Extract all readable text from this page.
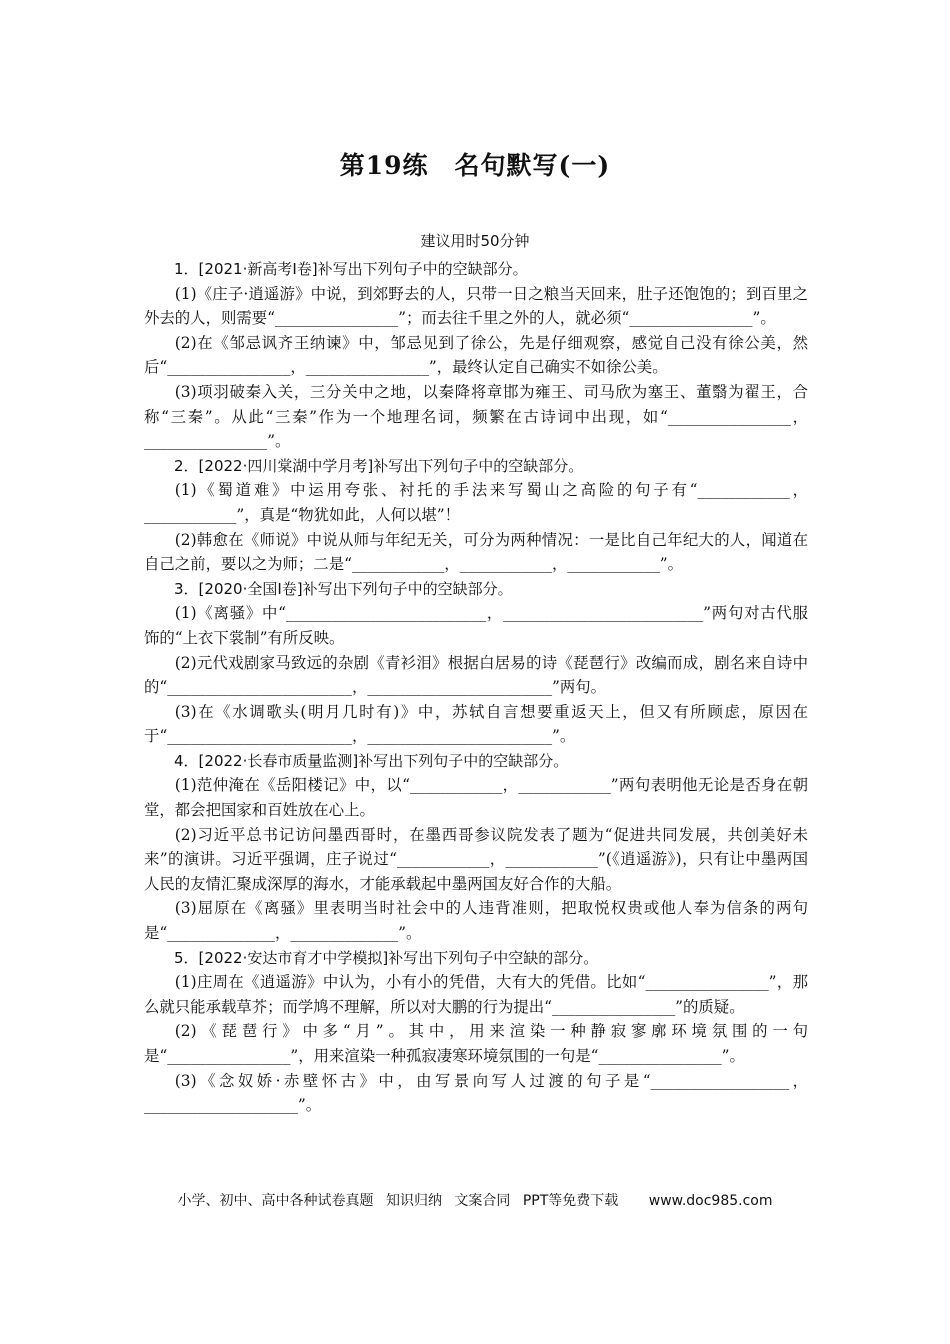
第19练　名句默写(一)
建议用时50分钟

1．[2021·新高考Ⅰ卷]补写出下列句子中的空缺部分。

(1)《庄子·逍遥游》中说，到郊野去的人，只带一日之粮当天回来，肚子还饱饱的；到百里之外去的人，则需要“________________”；而去往千里之外的人，就必须“________________”。

(2)在《邹忌讽齐王纳谏》中，邹忌见到了徐公，先是仔细观察，感觉自己没有徐公美，然后“________________，________________”，最终认定自己确实不如徐公美。

(3)项羽破秦入关，三分关中之地，以秦降将章邯为雍王、司马欣为塞王、董翳为翟王，合称“三秦”。从此“三秦”作为一个地理名词，频繁在古诗词中出现，如“________________，________________”。

2．[2022·四川棠湖中学月考]补写出下列句子中的空缺部分。

(1)《蜀道难》中运用夸张、衬托的手法来写蜀山之高险的句子有“____________，____________”，真是“物犹如此，人何以堪”！

(2)韩愈在《师说》中说从师与年纪无关，可分为两种情况：一是比自己年纪大的人，闻道在自己之前，要以之为师；二是“____________，____________，____________”。

3．[2020·全国Ⅰ卷]补写出下列句子中的空缺部分。

(1)《离骚》中“__________________________，__________________________”两句对古代服饰的“上衣下裳制”有所反映。

(2)元代戏剧家马致远的杂剧《青衫泪》根据白居易的诗《琵琶行》改编而成，剧名来自诗中的“________________________，________________________”两句。

(3)在《水调歌头(明月几时有)》中，苏轼自言想要重返天上，但又有所顾虑，原因在于“________________________，________________________”。

4．[2022·长春市质量监测]补写出下列句子中的空缺部分。

(1)范仲淹在《岳阳楼记》中，以“____________，____________”两句表明他无论是否身在朝堂，都会把国家和百姓放在心上。

(2)习近平总书记访问墨西哥时，在墨西哥参议院发表了题为“促进共同发展，共创美好未来”的演讲。习近平强调，庄子说过“____________，____________”(《逍遥游》)，只有让中墨两国人民的友情汇聚成深厚的海水，才能承载起中墨两国友好合作的大船。

(3)屈原在《离骚》里表明当时社会中的人违背准则，把取悦权贵或他人奉为信条的两句是“______________，______________”。

5．[2022·安达市育才中学模拟]补写出下列句子中空缺的部分。

(1)庄周在《逍遥游》中认为，小有小的凭借，大有大的凭借。比如“________________”，那么就只能承载草芥；而学鸠不理解，所以对大鹏的行为提出“________________”的质疑。

(2)《琵琶行》中多“月”。其中，用来渲染一种静寂寥廓环境氛围的一句是“________________”，用来渲染一种孤寂凄寒环境氛围的一句是“________________”。

(3)《念奴娇·赤壁怀古》中，由写景向写人过渡的句子是“__________________，____________________”。

小学、初中、高中各种试卷真题 知识归纳 文案合同 PPT等免费下载 www.doc985.com
